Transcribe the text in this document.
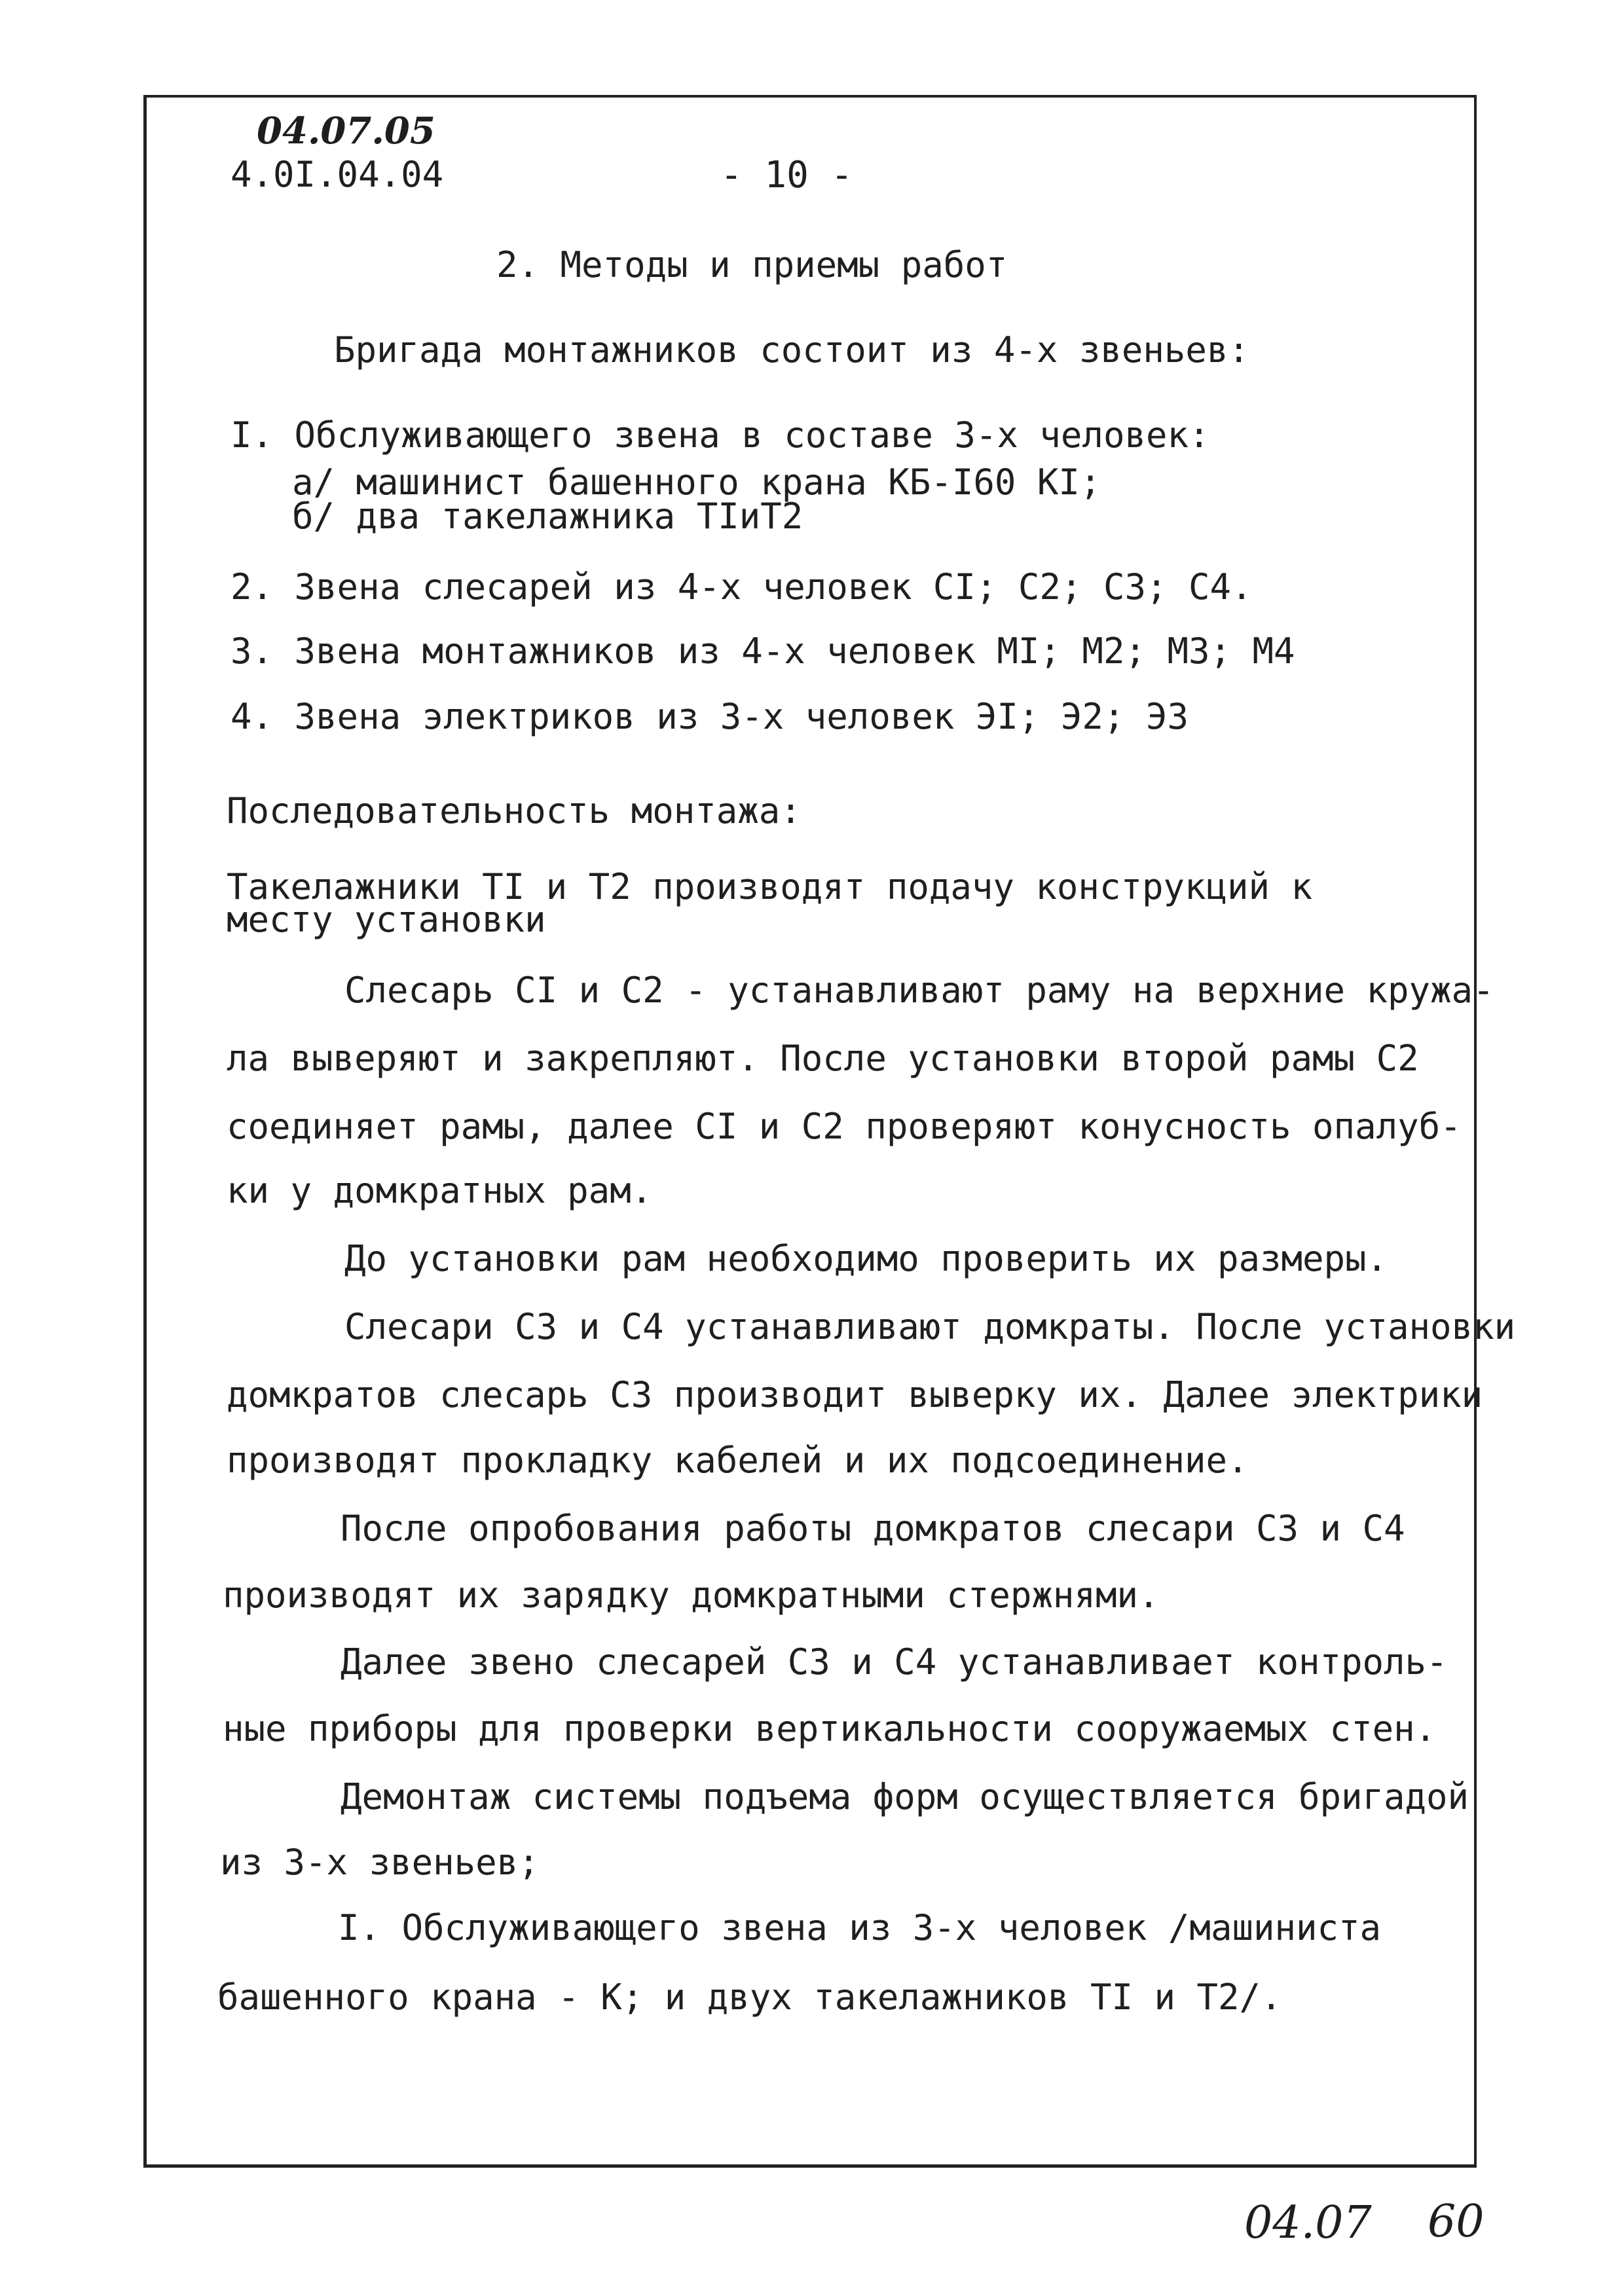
04.07.05
4.0I.04.04	- 10 -
2. Методы и приемы работ
Бригада монтажников состоит из 4-х звеньев:
I. Обслуживающего звена в составе 3-х человек:
а/ машинист башенного крана КБ-I60 КI;
б/ два такелажника ТIиТ2
2. Звена слесарей из 4-х человек СI; С2; С3; С4.
3. Звена монтажников из 4-х человек МI; М2; М3; М4
4. Звена электриков из 3-х человек ЭI; Э2; Э3
Последовательность монтажа:
Такелажники ТI и Т2 производят подачу конструкций к
месту установки
Слесарь СI и С2 - устанавливают раму на верхние кружа-
ла выверяют и закрепляют. После установки второй рамы С2
соединяет рамы, далее СI и С2 проверяют конусность опалуб-
ки у домкратных рам.
До установки рам необходимо проверить их размеры.
Слесари С3 и С4 устанавливают домкраты. После установки
домкратов слесарь С3 производит выверку их. Далее электрики
производят прокладку кабелей и их подсоединение.
После опробования работы домкратов слесари С3 и С4
производят их зарядку домкратными стержнями.
Далее звено слесарей С3 и С4 устанавливает контроль-
ные приборы для проверки вертикальности сооружаемых стен.
Демонтаж системы подъема форм осуществляется бригадой
из 3-х звеньев;
I. Обслуживающего звена из 3-х человек /машиниста
башенного крана - К; и двух такелажников ТI и Т2/.
04.07 60
